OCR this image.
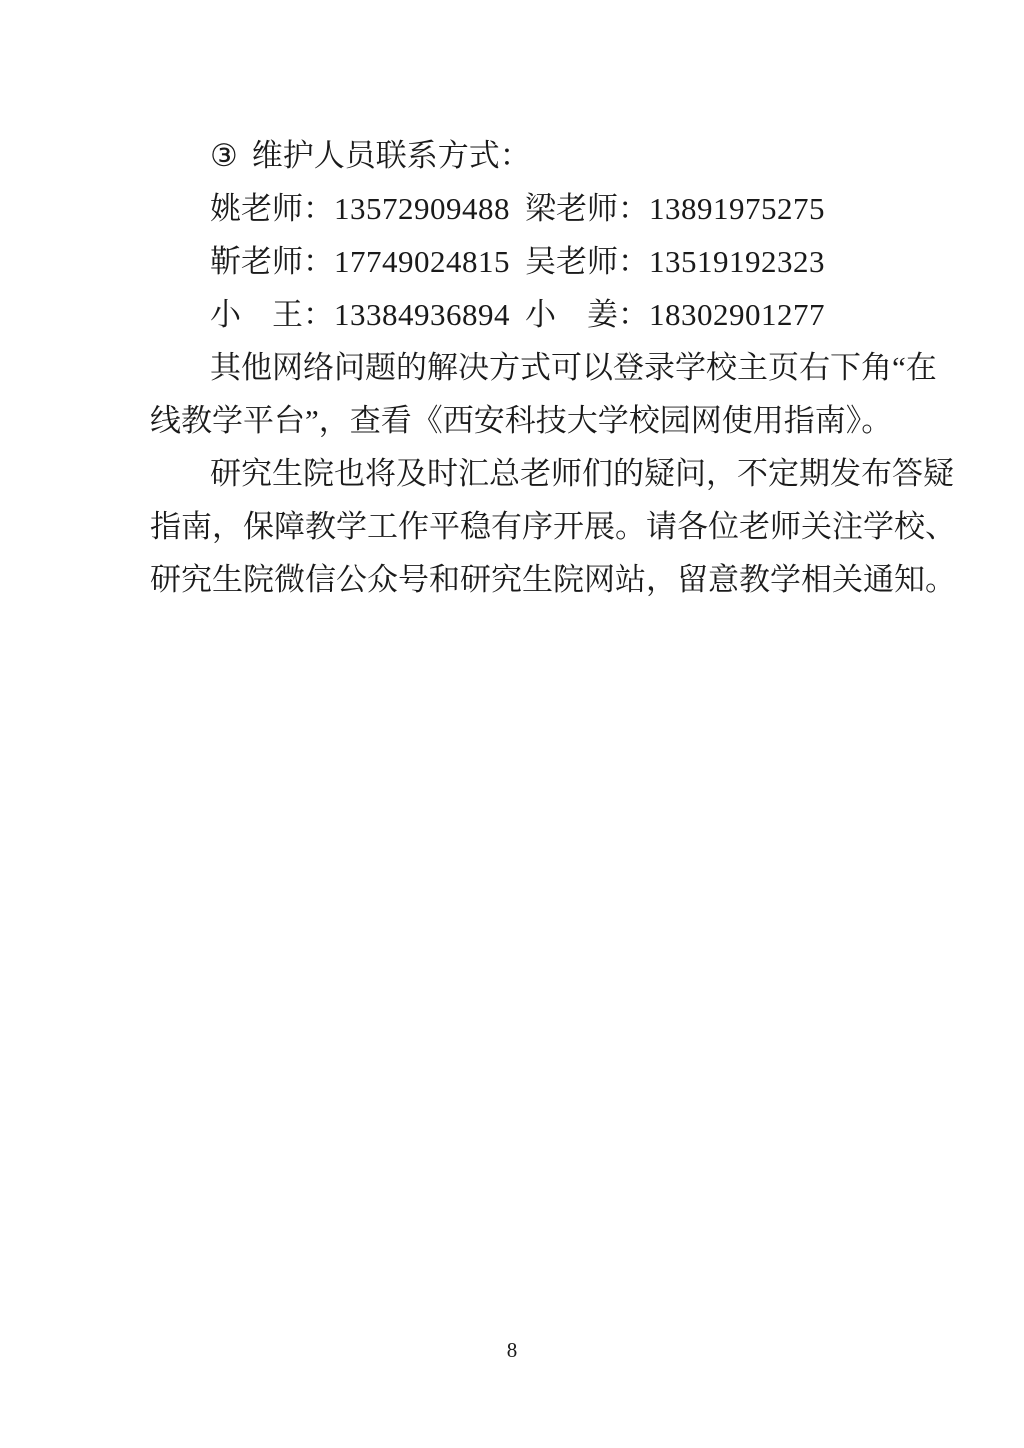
③ 维护人员联系方式：
姚老师：13572909488 梁老师：13891975275
靳老师：17749024815 吴老师：13519192323
小　王：13384936894 小　姜：18302901277
其他网络问题的解决方式可以登录学校主页右下角“在
线教学平台”，查看《西安科技大学校园网使用指南》。
研究生院也将及时汇总老师们的疑问，不定期发布答疑
指南，保障教学工作平稳有序开展。请各位老师关注学校、
研究生院微信公众号和研究生院网站，留意教学相关通知。
8
